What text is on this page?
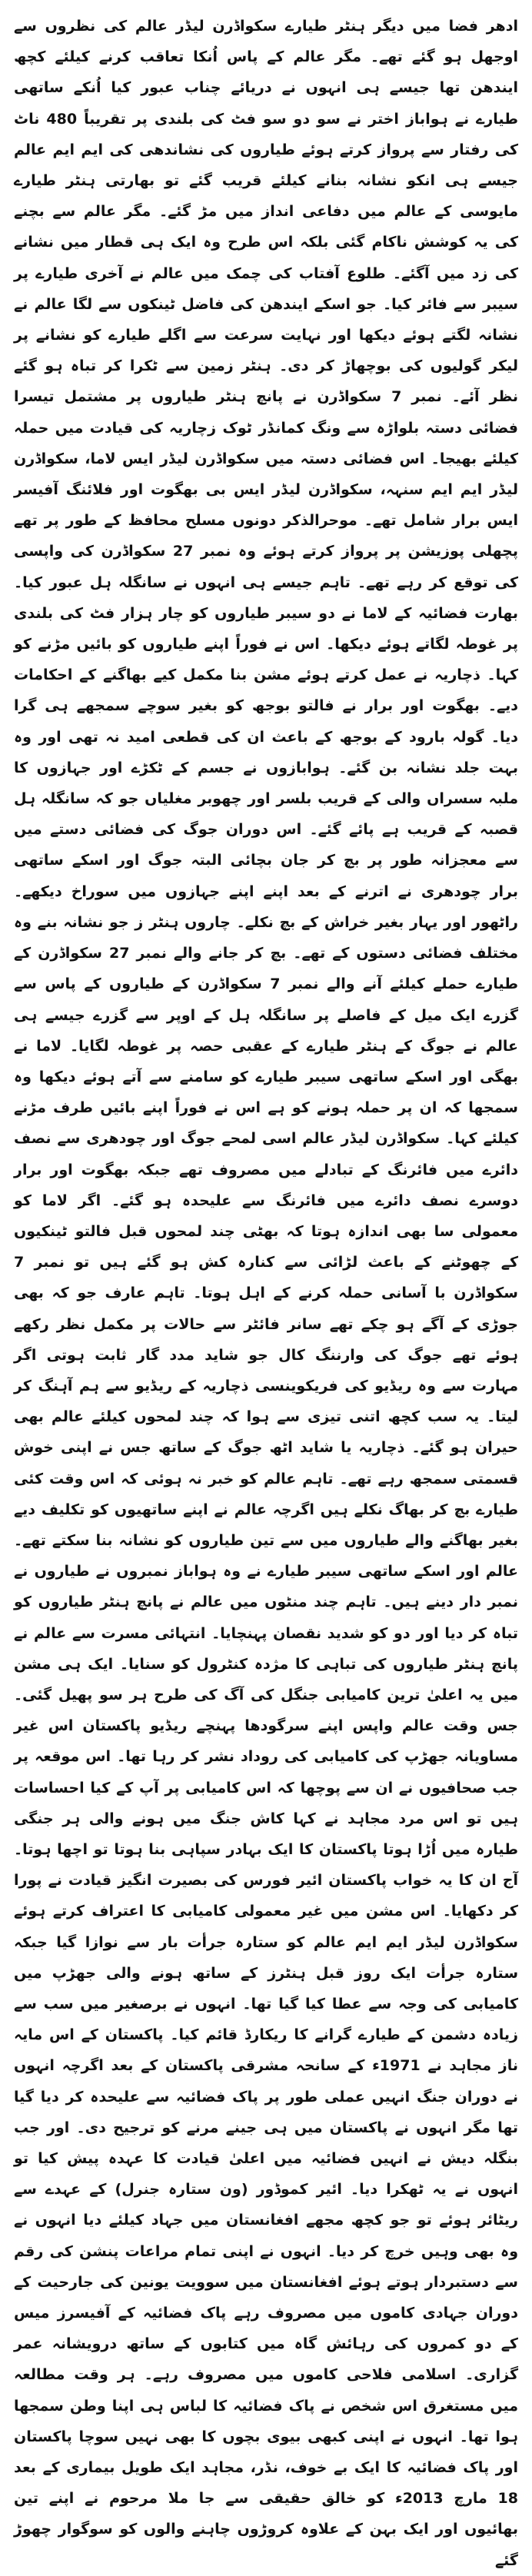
ادھر فضا میں دیگر ہنٹر طیارے سکواڈرن لیڈر عالم کی نظروں سے اوجھل ہو گئے تھے۔ مگر عالم کے پاس اُنکا تعاقب کرنے کیلئے کچھ ایندھن تھا جیسے ہی انہوں نے دریائے چناب عبور کیا اُنکے ساتھی طیارے نے ہواباز اختر نے سو دو سو فٹ کی بلندی پر تقریباً 480 ناٹ کی رفتار سے پرواز کرتے ہوئے طیاروں کی نشاندھی کی ایم ایم عالم جیسے ہی انکو نشانہ بنانے کیلئے قریب گئے تو بھارتی ہنٹر طیارے مایوسی کے عالم میں دفاعی انداز میں مڑ گئے۔ مگر عالم سے بچنے کی یہ کوشش ناکام گئی بلکہ اس طرح وہ ایک ہی قطار میں نشانے کی زد میں آگئے۔ طلوع آفتاب کی چمک میں عالم نے آخری طیارے پر سیبر سے فائر کیا۔ جو اسکے ایندھن کی فاضل ٹینکوں سے لگا عالم نے نشانہ لگتے ہوئے دیکھا اور نہایت سرعت سے اگلے طیارے کو نشانے پر لیکر گولیوں کی بوچھاڑ کر دی۔ ہنٹر زمین سے ٹکرا کر تباہ ہو گئے نظر آئے۔ نمبر 7 سکواڈرن نے پانچ ہنٹر طیاروں پر مشتمل تیسرا فضائی دستہ بلواڑہ سے ونگ کمانڈر ٹوک زچاریہ کی قیادت میں حملہ کیلئے بھیجا۔ اس فضائی دستہ میں سکواڈرن لیڈر ایس لاما، سکواڈرن لیڈر ایم ایم سنہہ، سکواڈرن لیڈر ایس بی بھگوت اور فلائنگ آفیسر ایس برار شامل تھے۔ موحرالذکر دونوں مسلح محافظ کے طور پر تھے پچھلی پوزیشن پر پرواز کرتے ہوئے وہ نمبر 27 سکواڈرن کی واپسی کی توقع کر رہے تھے۔ تاہم جیسے ہی انہوں نے سانگلہ ہل عبور کیا۔ بھارت فضائیہ کے لاما نے دو سیبر طیاروں کو چار ہزار فٹ کی بلندی پر غوطہ لگاتے ہوئے دیکھا۔ اس نے فوراً اپنے طیاروں کو بائیں مڑنے کو کہا۔ ذچاریہ نے عمل کرتے ہوئے مشن بنا مکمل کیے بھاگنے کے احکامات دیے۔ بھگوت اور برار نے فالتو بوجھ کو بغیر سوچے سمجھے ہی گرا دیا۔ گولہ بارود کے بوجھ کے باعث ان کی قطعی امید نہ تھی اور وہ بہت جلد نشانہ بن گئے۔ ہوابازوں نے جسم کے ٹکڑے اور جہازوں کا ملبہ سسراں والی کے قریب بلسر اور چھوبر مغلیاں جو کہ سانگلہ ہل قصبہ کے قریب ہے پائے گئے۔ اس دوران جوگ کی فضائی دستے میں سے معجزانہ طور پر بچ کر جان بچائی البتہ جوگ اور اسکے ساتھی برار چودھری نے اترنے کے بعد اپنے اپنے جہازوں میں سوراخ دیکھے۔ راٹھور اور یہار بغیر خراش کے بچ نکلے۔ چاروں ہنٹر ز جو نشانہ بنے وہ مختلف فضائی دستوں کے تھے۔ بچ کر جانے والے نمبر 27 سکواڈرن کے طیارے حملے کیلئے آنے والے نمبر 7 سکواڈرن کے طیاروں کے پاس سے گزرے ایک میل کے فاصلے پر سانگلہ ہل کے اوپر سے گزرے جیسے ہی عالم نے جوگ کے ہنٹر طیارے کے عقبی حصہ پر غوطہ لگایا۔ لاما نے بھگی اور اسکے ساتھی سیبر طیارے کو سامنے سے آتے ہوئے دیکھا وہ سمجھا کہ ان پر حملہ ہونے کو ہے اس نے فوراً اپنے بائیں طرف مڑنے کیلئے کہا۔ سکواڈرن لیڈر عالم اسی لمحے جوگ اور چودھری سے نصف دائرے میں فائرنگ کے تبادلے میں مصروف تھے جبکہ بھگوت اور برار دوسرے نصف دائرے میں فائرنگ سے علیحدہ ہو گئے۔ اگر لاما کو معمولی سا بھی اندازہ ہوتا کہ بھٹی چند لمحوں قبل فالتو ٹینکیوں کے چھوٹنے کے باعث لڑائی سے کنارہ کش ہو گئے ہیں تو نمبر 7 سکواڈرن با آسانی حملہ کرنے کے اہل ہوتا۔ تاہم عارف جو کہ بھی جوڑی کے آگے ہو چکے تھے سانر فائٹر سے حالات پر مکمل نظر رکھے ہوئے تھے جوگ کی وارننگ کال جو شاید مدد گار ثابت ہوتی اگر مہارت سے وہ ریڈیو کی فریکوینسی ذچاریہ کے ریڈیو سے ہم آہنگ کر لیتا۔ یہ سب کچھ اتنی تیزی سے ہوا کہ چند لمحوں کیلئے عالم بھی حیران ہو گئے۔ ذچاریہ یا شاید اٹھ جوگ کے ساتھ جس نے اپنی خوش قسمتی سمجھ رہے تھے۔ تاہم عالم کو خبر نہ ہوئی کہ اس وقت کئی طیارے بچ کر بھاگ نکلے ہیں اگرچہ عالم نے اپنے ساتھیوں کو تکلیف دیے بغیر بھاگنے والے طیاروں میں سے تین طیاروں کو نشانہ بنا سکتے تھے۔ عالم اور اسکے ساتھی سیبر طیارے نے وہ ہواباز نمبروں نے طیاروں نے نمبر دار دینے ہیں۔ تاہم چند منٹوں میں عالم نے پانچ ہنٹر طیاروں کو تباہ کر دیا اور دو کو شدید نقصان پہنچایا۔ انتہائی مسرت سے عالم نے پانچ ہنٹر طیاروں کی تباہی کا مژدہ کنٹرول کو سنایا۔ ایک ہی مشن میں یہ اعلیٰ ترین کامیابی جنگل کی آگ کی طرح ہر سو پھیل گئی۔ جس وقت عالم واپس اپنے سرگودھا پہنچے ریڈیو پاکستان اس غیر مساویانہ جھڑپ کی کامیابی کی روداد نشر کر رہا تھا۔ اس موقعہ پر جب صحافیوں نے ان سے پوچھا کہ اس کامیابی پر آپ کے کیا احساسات ہیں تو اس مرد مجاہد نے کہا کاش جنگ میں ہونے والی ہر جنگی طیارہ میں اُڑا ہوتا پاکستان کا ایک بہادر سپاہی بنا ہوتا تو اچھا ہوتا۔ آج ان کا یہ خواب پاکستان ائیر فورس کی بصیرت انگیز قیادت نے پورا کر دکھایا۔ اس مشن میں غیر معمولی کامیابی کا اعتراف کرتے ہوئے سکواڈرن لیڈر ایم ایم عالم کو ستارہ جرأت بار سے نوازا گیا جبکہ ستارہ جرأت ایک روز قبل ہنٹرز کے ساتھ ہونے والی جھڑپ میں کامیابی کی وجہ سے عطا کیا گیا تھا۔ انہوں نے برصغیر میں سب سے زیادہ دشمن کے طیارے گرانے کا ریکارڈ قائم کیا۔ پاکستان کے اس مایہ ناز مجاہد نے 1971ء کے سانحہ مشرقی پاکستان کے بعد اگرچہ انہوں نے دوران جنگ انہیں عملی طور پر پاک فضائیہ سے علیحدہ کر دیا گیا تھا مگر انہوں نے پاکستان میں ہی جینے مرنے کو ترجیح دی۔ اور جب بنگلہ دیش نے انہیں فضائیہ میں اعلیٰ قیادت کا عہدہ پیش کیا تو انہوں نے یہ ٹھکرا دیا۔ ائیر کموڈور (ون ستارہ جنرل) کے عہدے سے ریٹائر ہوئے تو جو کچھ مجھے افغانستان میں جہاد کیلئے دیا انہوں نے وہ بھی وہیں خرچ کر دیا۔ انہوں نے اپنی تمام مراعات پنشن کی رقم سے دستبردار ہوتے ہوئے افغانستان میں سوویت یونین کی جارحیت کے دوران جہادی کاموں میں مصروف رہے پاک فضائیہ کے آفیسرز میس کے دو کمروں کی رہائش گاہ میں کتابوں کے ساتھ درویشانہ عمر گزاری۔ اسلامی فلاحی کاموں میں مصروف رہے۔ ہر وقت مطالعہ میں مستغرق اس شخص نے پاک فضائیہ کا لباس ہی اپنا وطن سمجھا ہوا تھا۔ انہوں نے اپنی کبھی بیوی بچوں کا بھی نہیں سوچا پاکستان اور پاک فضائیہ کا ایک بے خوف، نڈر، مجاہد ایک طویل بیماری کے بعد 18 مارچ 2013ء کو خالق حقیقی سے جا ملا مرحوم نے اپنے تین بھائیوں اور ایک بہن کے علاوہ کروڑوں چاہنے والوں کو سوگوار چھوڑ گئے
